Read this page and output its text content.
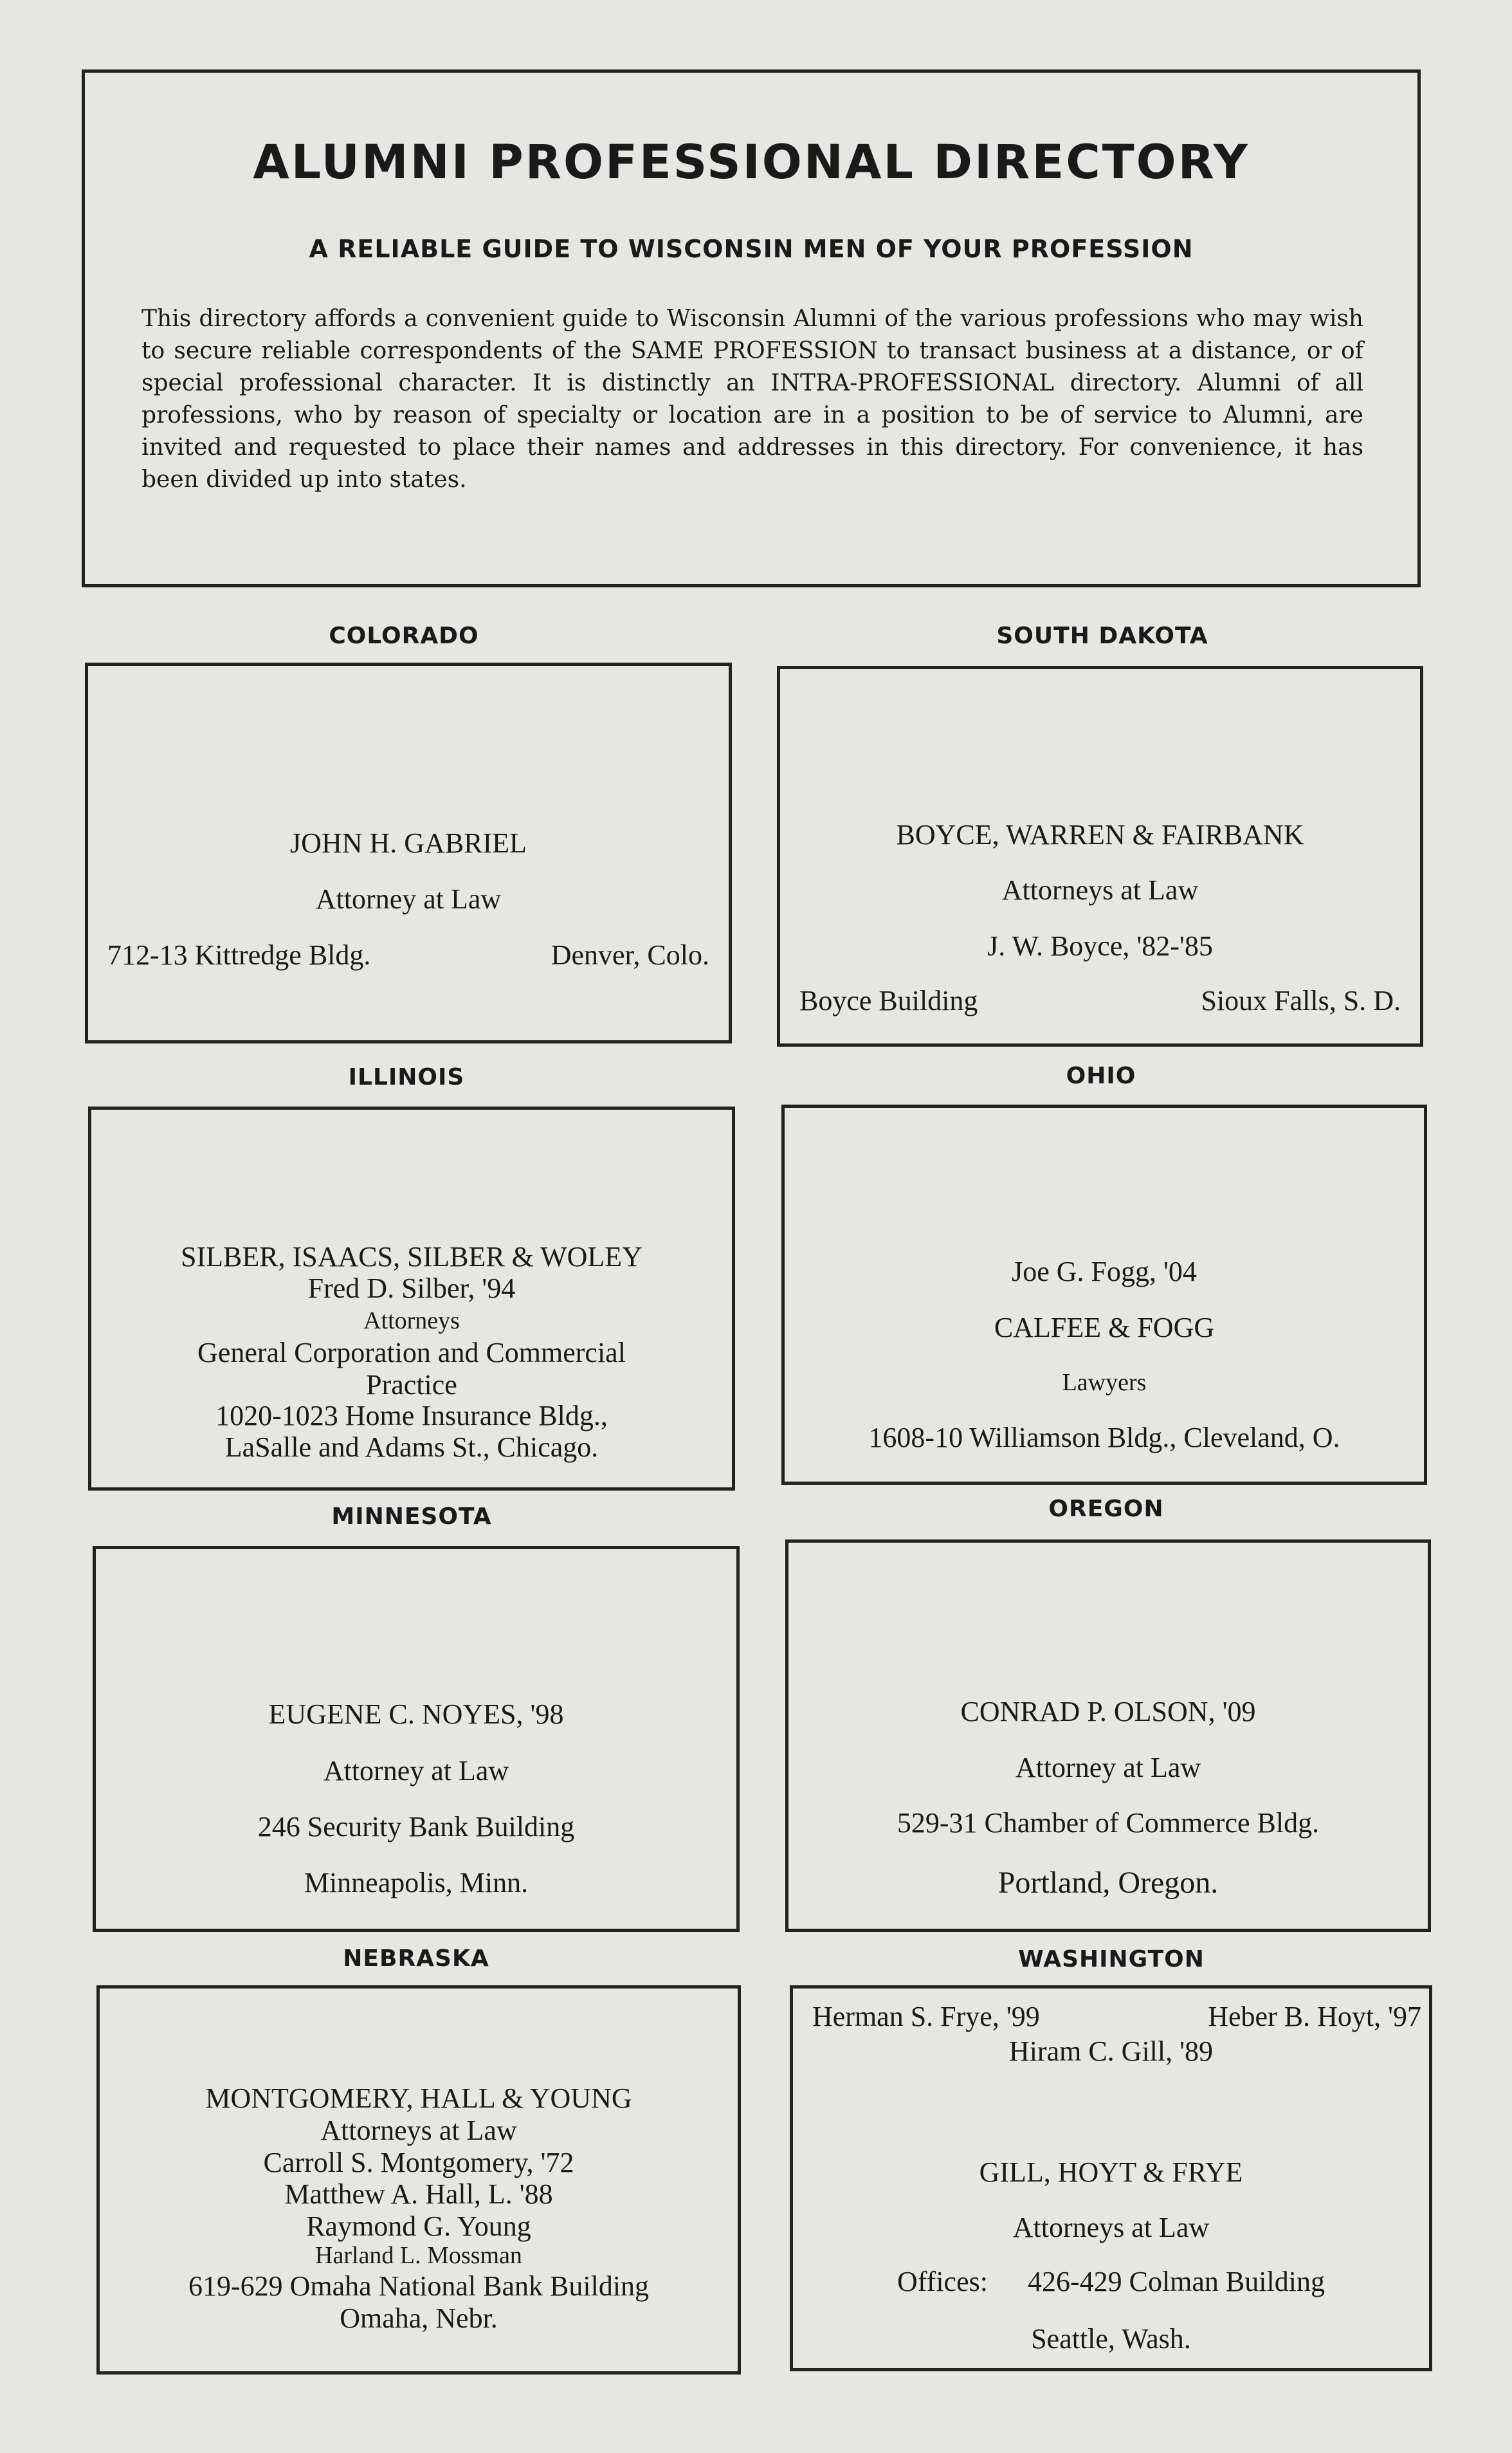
ALUMNI PROFESSIONAL DIRECTORY
A RELIABLE GUIDE TO WISCONSIN MEN OF YOUR PROFESSION

This directory affords a convenient guide to Wisconsin Alumni of the various professions who may wish to secure reliable correspondents of the SAME PROFESSION to transact business at a distance, or of special professional character. It is distinctly an INTRA-PROFESSIONAL directory. Alumni of all professions, who by reason of specialty or location are in a position to be of service to Alumni, are invited and requested to place their names and addresses in this directory. For convenience, it has been divided up into states.

COLORADO
JOHN H. GABRIEL
Attorney at Law
712-13 Kittredge Bldg.	Denver, Colo.
SOUTH DAKOTA
BOYCE, WARREN & FAIRBANK
Attorneys at Law
J. W. Boyce, '82-'85
Boyce Building	Sioux Falls, S. D.
ILLINOIS
SILBER, ISAACS, SILBER & WOLEY
Fred D. Silber, '94
Attorneys
General Corporation and Commercial
Practice
1020-1023 Home Insurance Bldg.,
LaSalle and Adams St., Chicago.
OHIO
Joe G. Fogg, '04
CALFEE & FOGG
Lawyers
1608-10 Williamson Bldg., Cleveland, O.
MINNESOTA
EUGENE C. NOYES, '98
Attorney at Law
246 Security Bank Building
Minneapolis, Minn.
OREGON
CONRAD P. OLSON, '09
Attorney at Law
529-31 Chamber of Commerce Bldg.
Portland, Oregon.
NEBRASKA
MONTGOMERY, HALL & YOUNG
Attorneys at Law
Carroll S. Montgomery, '72
Matthew A. Hall, L. '88
Raymond G. Young
Harland L. Mossman
619-629 Omaha National Bank Building
Omaha, Nebr.
WASHINGTON
Herman S. Frye, '99	Heber B. Hoyt, '97
Hiram C. Gill, '89
GILL, HOYT & FRYE
Attorneys at Law
Offices: 426-429 Colman Building
Seattle, Wash.
